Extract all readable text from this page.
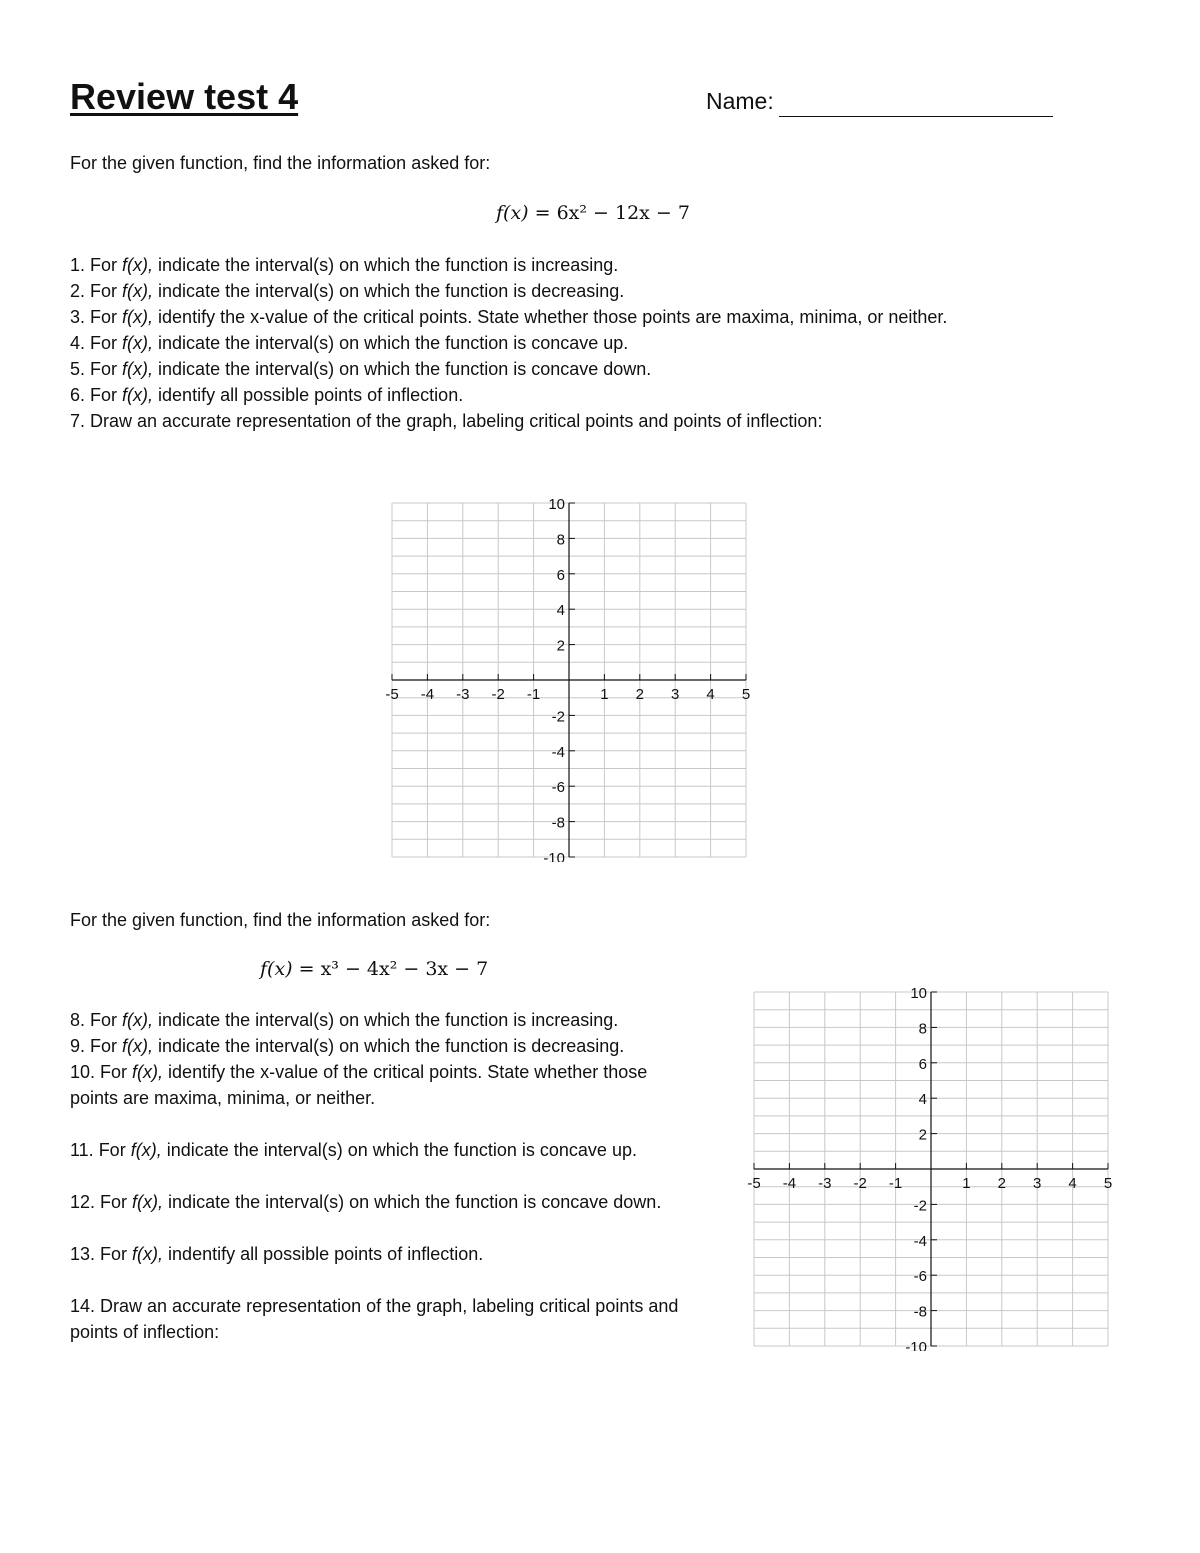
Review test 4	Name:
For the given function, find the information asked for:
f(x) = 6x² − 12x − 7
1. For f(x), indicate the interval(s) on which the function is increasing.
2. For f(x), indicate the interval(s) on which the function is decreasing.
3. For f(x), identify the x-value of the critical points. State whether those points are maxima, minima, or neither.
4. For f(x), indicate the interval(s) on which the function is concave up.
5. For f(x), indicate the interval(s) on which the function is concave down.
6. For f(x), identify all possible points of inflection.
7. Draw an accurate representation of the graph, labeling critical points and points of inflection:
-5 -4 -3 -2 -1	1 2 3 4 5
10
8
6
4
2
-2
-4
-6
-8
-10
For the given function, find the information asked for:
f(x) = x³ − 4x² − 3x − 7
8. For f(x), indicate the interval(s) on which the function is increasing.
9. For f(x), indicate the interval(s) on which the function is decreasing.
10. For f(x), identify the x-value of the critical points. State whether those points are maxima, minima, or neither.
11. For f(x), indicate the interval(s) on which the function is concave up.
12. For f(x), indicate the interval(s) on which the function is concave down.
13. For f(x), indentify all possible points of inflection.
14. Draw an accurate representation of the graph, labeling critical points and points of inflection:
-5 -4 -3 -2 -1	1 2 3 4 5
10
8
6
4
2
-2
-4
-6
-8
-10
